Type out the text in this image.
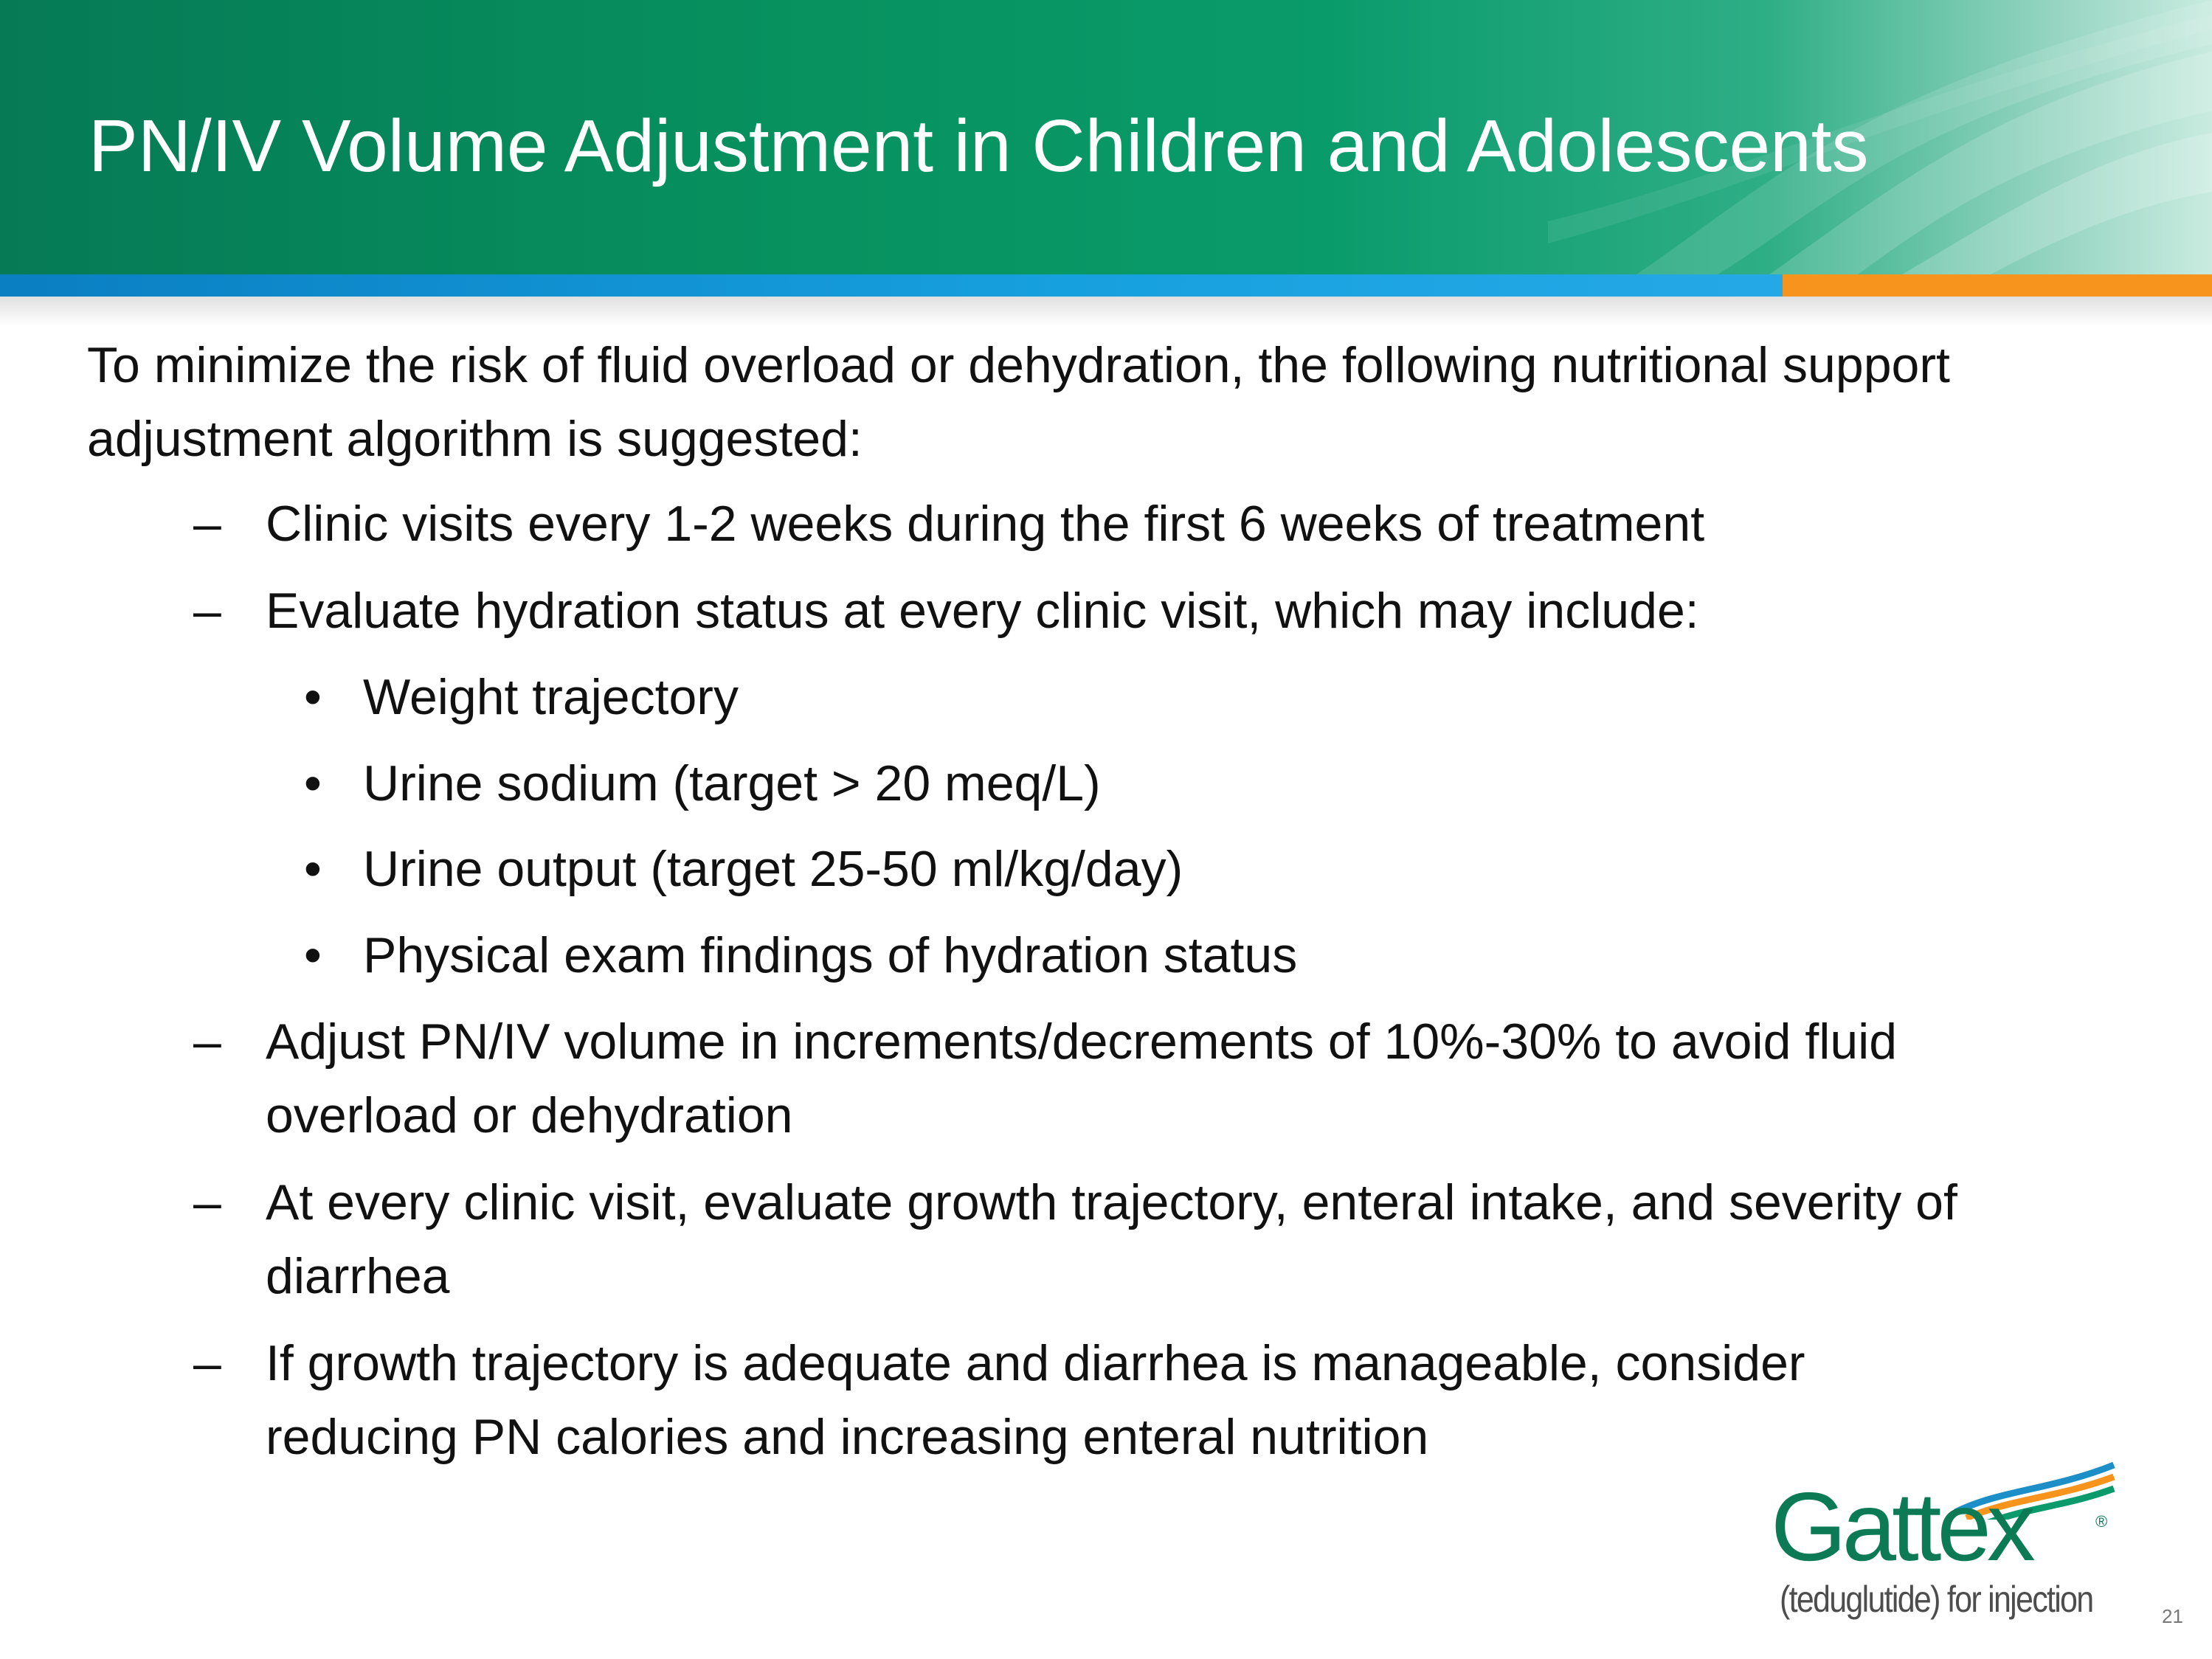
PN/IV Volume Adjustment in Children and Adolescents

To minimize the risk of fluid overload or dehydration, the following nutritional support adjustment algorithm is suggested:

– Clinic visits every 1-2 weeks during the first 6 weeks of treatment
– Evaluate hydration status at every clinic visit, which may include:
• Weight trajectory
• Urine sodium (target > 20 meq/L)
• Urine output (target 25-50 ml/kg/day)
• Physical exam findings of hydration status
– Adjust PN/IV volume in increments/decrements of 10%-30% to avoid fluid overload or dehydration
– At every clinic visit, evaluate growth trajectory, enteral intake, and severity of diarrhea
– If growth trajectory is adequate and diarrhea is manageable, consider reducing PN calories and increasing enteral nutrition
Gattex	®
(teduglutide) for injection	21
